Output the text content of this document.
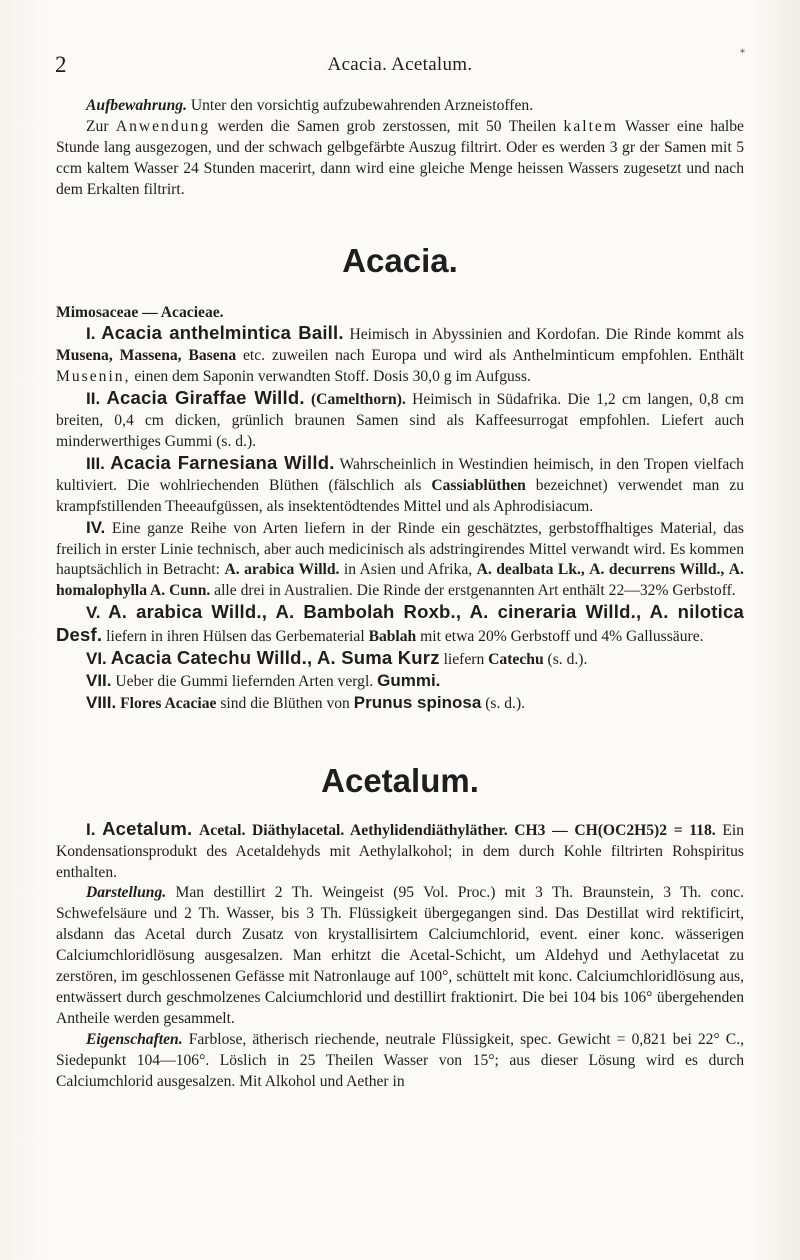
2	Acacia. Acetalum.
*

Aufbewahrung. Unter den vorsichtig aufzubewahrenden Arzneistoffen.

Zur Anwendung werden die Samen grob zerstossen, mit 50 Theilen kaltem Wasser eine halbe Stunde lang ausgezogen, und der schwach gelbgefärbte Auszug filtrirt. Oder es werden 3 gr der Samen mit 5 ccm kaltem Wasser 24 Stunden macerirt, dann wird eine gleiche Menge heissen Wassers zugesetzt und nach dem Erkalten filtrirt.

Acacia.

Mimosaceae — Acacieae.

I. Acacia anthelmintica Baill. Heimisch in Abyssinien and Kordofan. Die Rinde kommt als Musena, Massena, Basena etc. zuweilen nach Europa und wird als Anthelminticum empfohlen. Enthält Musenin, einen dem Saponin verwandten Stoff. Dosis 30,0 g im Aufguss.

II. Acacia Giraffae Willd. (Camelthorn). Heimisch in Südafrika. Die 1,2 cm langen, 0,8 cm breiten, 0,4 cm dicken, grünlich braunen Samen sind als Kaffeesurrogat empfohlen. Liefert auch minderwerthiges Gummi (s. d.).

III. Acacia Farnesiana Willd. Wahrscheinlich in Westindien heimisch, in den Tropen vielfach kultiviert. Die wohlriechenden Blüthen (fälschlich als Cassiablüthen bezeichnet) verwendet man zu krampfstillenden Theeaufgüssen, als insektentödtendes Mittel und als Aphrodisiacum.

IV. Eine ganze Reihe von Arten liefern in der Rinde ein geschätztes, gerbstoffhaltiges Material, das freilich in erster Linie technisch, aber auch medicinisch als adstringirendes Mittel verwandt wird. Es kommen hauptsächlich in Betracht: A. arabica Willd. in Asien und Afrika, A. dealbata Lk., A. decurrens Willd., A. homalophylla A. Cunn. alle drei in Australien. Die Rinde der erstgenannten Art enthält 22—32% Gerbstoff.

V. A. arabica Willd., A. Bambolah Roxb., A. cineraria Willd., A. nilotica Desf. liefern in ihren Hülsen das Gerbematerial Bablah mit etwa 20% Gerbstoff und 4% Gallussäure.

VI. Acacia Catechu Willd., A. Suma Kurz liefern Catechu (s. d.).

VII. Ueber die Gummi liefernden Arten vergl. Gummi.

VIII. Flores Acaciae sind die Blüthen von Prunus spinosa (s. d.).

Acetalum.

I. Acetalum. Acetal. Diäthylacetal. Aethylidendiäthyläther. CH3 — CH(OC2H5)2 = 118. Ein Kondensationsprodukt des Acetaldehyds mit Aethylalkohol; in dem durch Kohle filtrirten Rohspiritus enthalten.

Darstellung. Man destillirt 2 Th. Weingeist (95 Vol. Proc.) mit 3 Th. Braunstein, 3 Th. conc. Schwefelsäure und 2 Th. Wasser, bis 3 Th. Flüssigkeit übergegangen sind. Das Destillat wird rektificirt, alsdann das Acetal durch Zusatz von krystallisirtem Calciumchlorid, event. einer konc. wässerigen Calciumchloridlösung ausgesalzen. Man erhitzt die Acetal-Schicht, um Aldehyd und Aethylacetat zu zerstören, im geschlossenen Gefässe mit Natronlauge auf 100°, schüttelt mit konc. Calciumchloridlösung aus, entwässert durch geschmolzenes Calciumchlorid und destillirt fraktionirt. Die bei 104 bis 106° übergehenden Antheile werden gesammelt.

Eigenschaften. Farblose, ätherisch riechende, neutrale Flüssigkeit, spec. Gewicht = 0,821 bei 22° C., Siedepunkt 104—106°. Löslich in 25 Theilen Wasser von 15°; aus dieser Lösung wird es durch Calciumchlorid ausgesalzen. Mit Alkohol und Aether in
